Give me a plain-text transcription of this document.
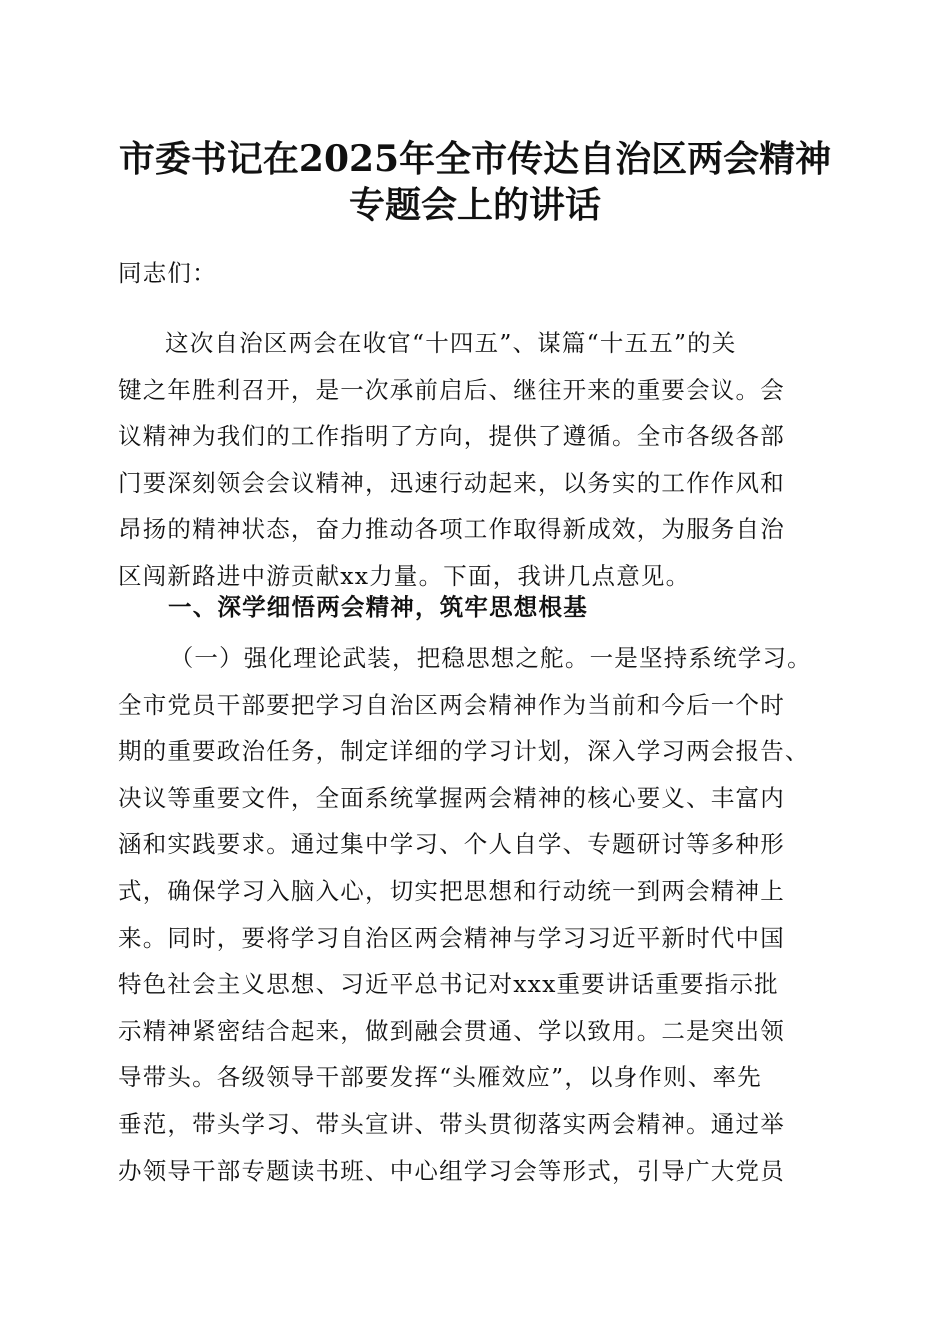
市委书记在2025年全市传达自治区两会精神
专题会上的讲话
同志们：
这次自治区两会在收官“十四五”、谋篇“十五五”的关
键之年胜利召开，是一次承前启后、继往开来的重要会议。会
议精神为我们的工作指明了方向，提供了遵循。全市各级各部
门要深刻领会会议精神，迅速行动起来，以务实的工作作风和
昂扬的精神状态，奋力推动各项工作取得新成效，为服务自治
区闯新路进中游贡献xx力量。下面，我讲几点意见。
一、深学细悟两会精神，筑牢思想根基
（一）强化理论武装，把稳思想之舵。一是坚持系统学习。
全市党员干部要把学习自治区两会精神作为当前和今后一个时
期的重要政治任务，制定详细的学习计划，深入学习两会报告、
决议等重要文件，全面系统掌握两会精神的核心要义、丰富内
涵和实践要求。通过集中学习、个人自学、专题研讨等多种形
式，确保学习入脑入心，切实把思想和行动统一到两会精神上
来。同时，要将学习自治区两会精神与学习习近平新时代中国
特色社会主义思想、习近平总书记对xxx重要讲话重要指示批
示精神紧密结合起来，做到融会贯通、学以致用。二是突出领
导带头。各级领导干部要发挥“头雁效应”，以身作则、率先
垂范，带头学习、带头宣讲、带头贯彻落实两会精神。通过举
办领导干部专题读书班、中心组学习会等形式，引导广大党员
